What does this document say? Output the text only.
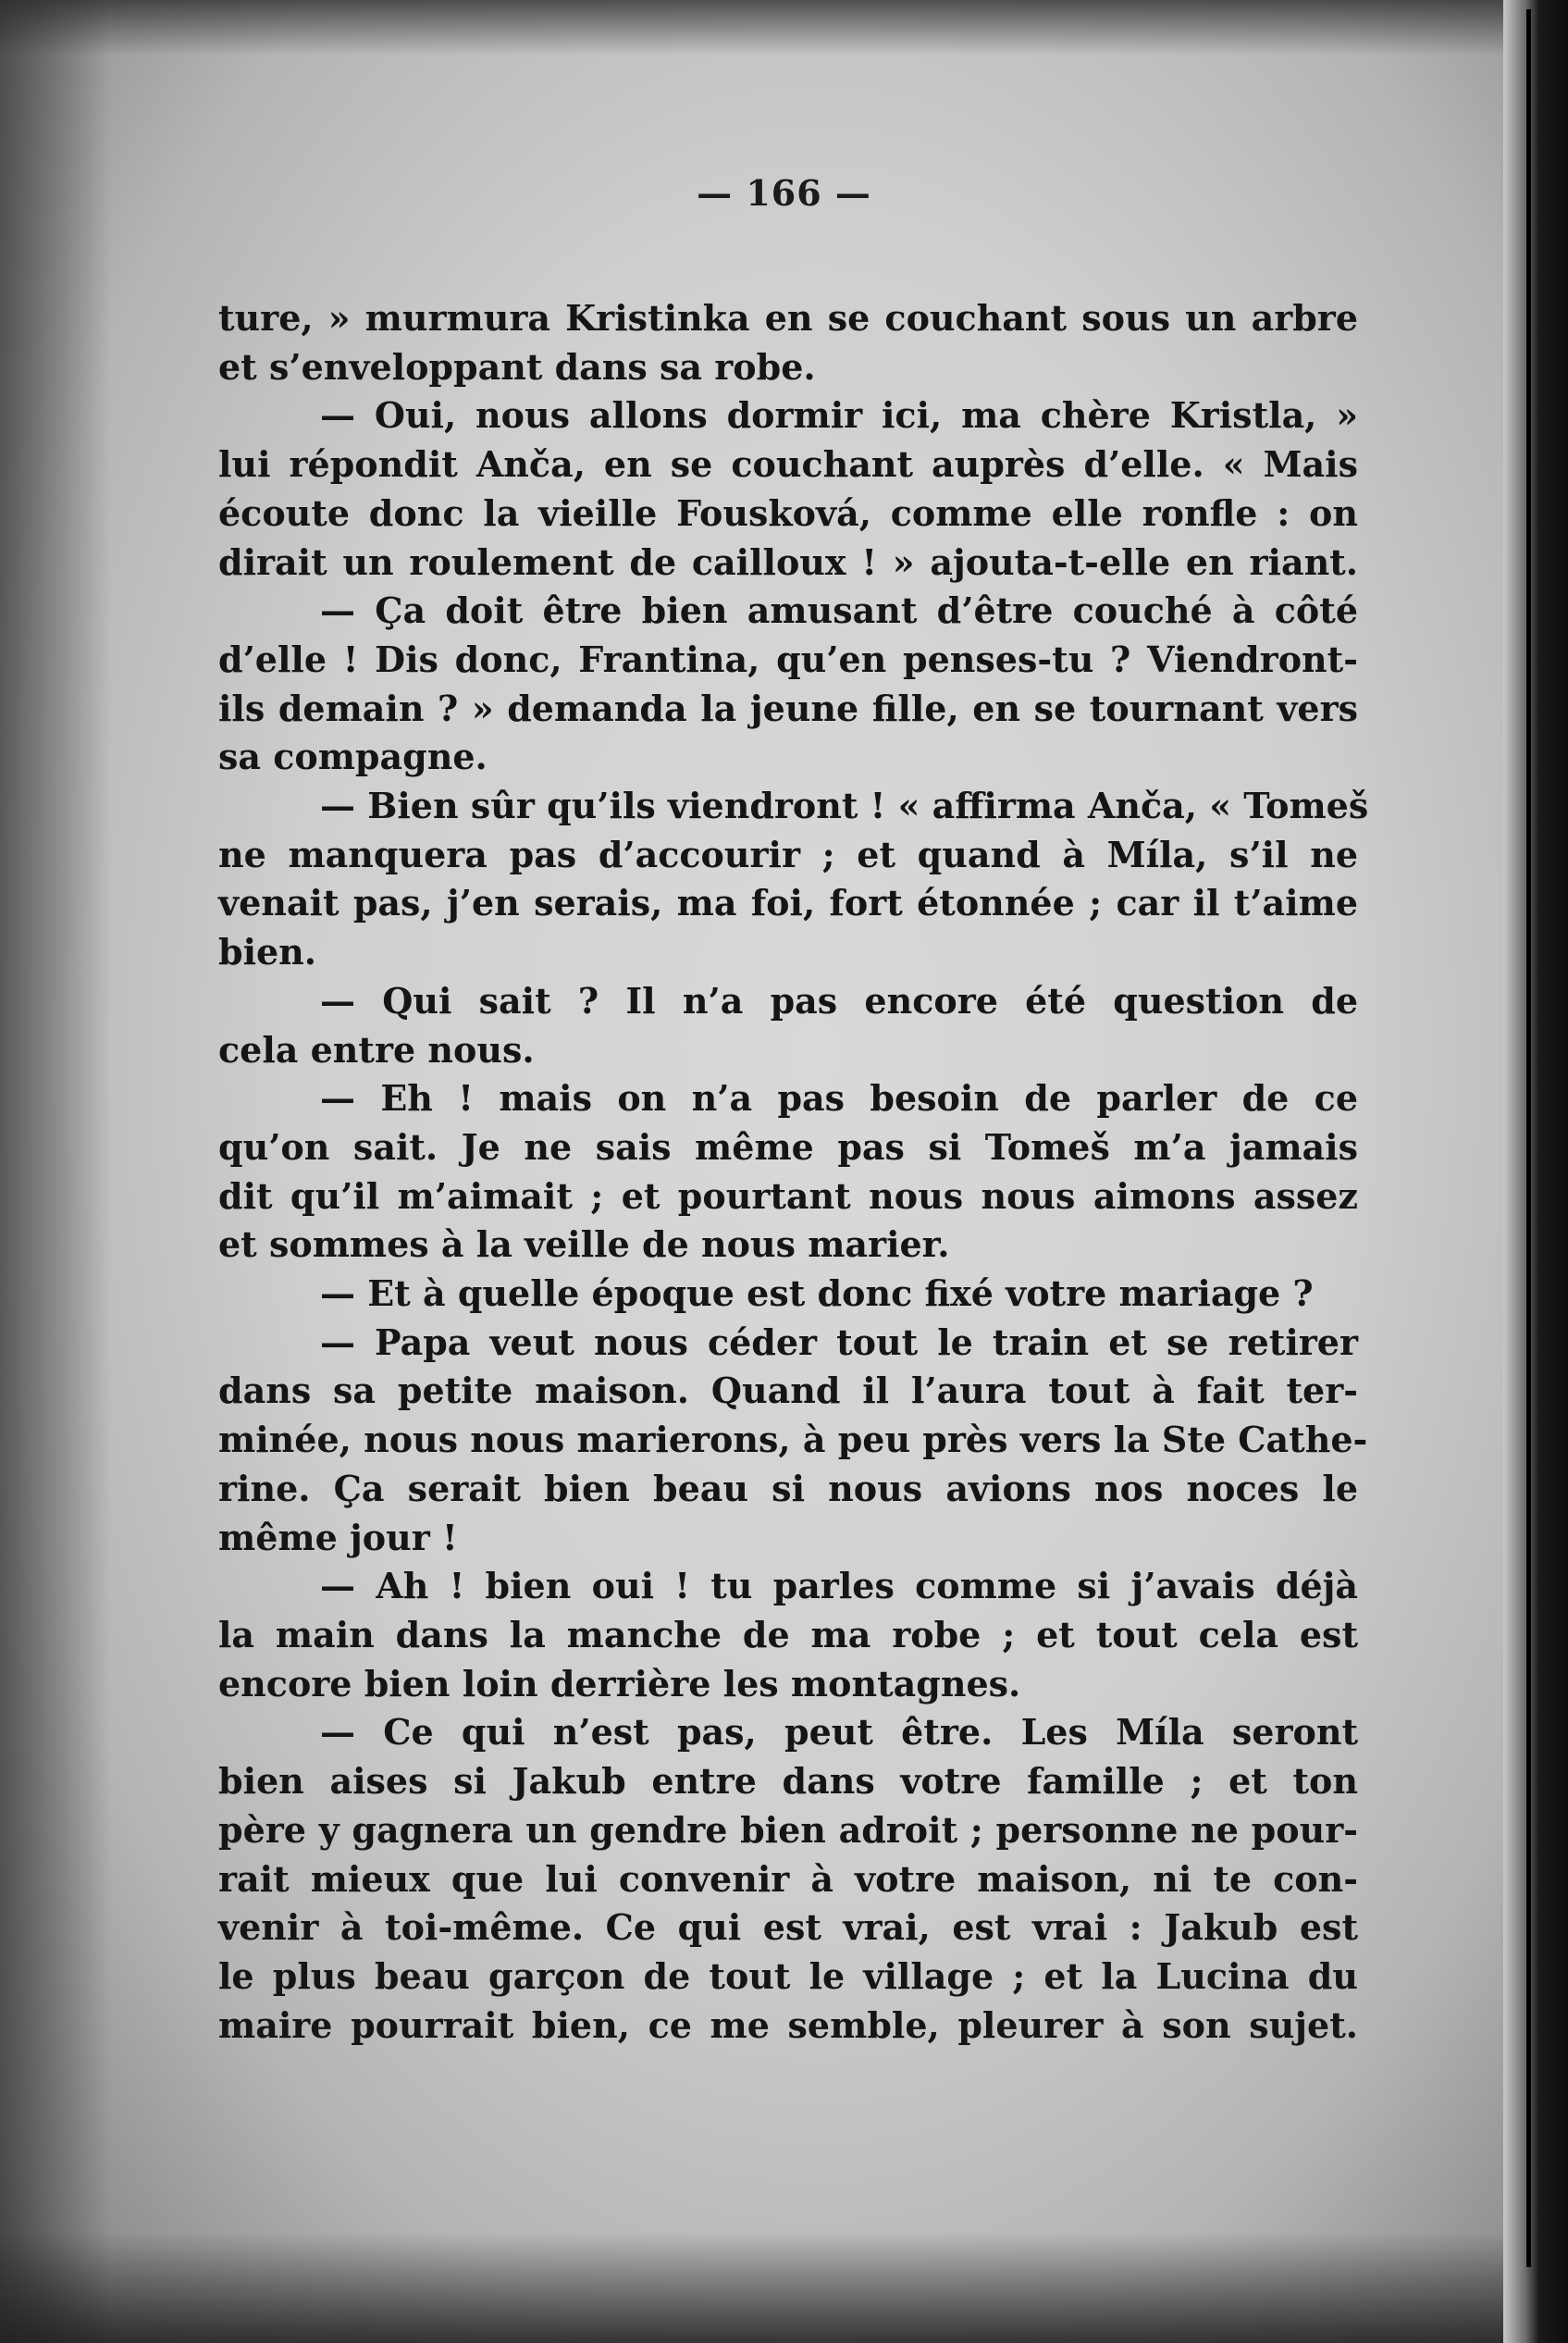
— 166 —
ture, » murmura Kristinka en se couchant sous un arbre
et s’enveloppant dans sa robe.
— Oui, nous allons dormir ici, ma chère Kristla, »
lui répondit Anča, en se couchant auprès d’elle. « Mais
écoute donc la vieille Fousková, comme elle ronfle : on
dirait un roulement de cailloux ! » ajouta-t-elle en riant.
— Ça doit être bien amusant d’être couché à côté
d’elle ! Dis donc, Frantina, qu’en penses-tu ? Viendront-
ils demain ? » demanda la jeune fille, en se tournant vers
sa compagne.
— Bien sûr qu’ils viendront ! « affirma Anča, « Tomeš
ne manquera pas d’accourir ; et quand à Míla, s’il ne
venait pas, j’en serais, ma foi, fort étonnée ; car il t’aime
bien.
— Qui sait ? Il n’a pas encore été question de
cela entre nous.
— Eh ! mais on n’a pas besoin de parler de ce
qu’on sait. Je ne sais même pas si Tomeš m’a jamais
dit qu’il m’aimait ; et pourtant nous nous aimons assez
et sommes à la veille de nous marier.
— Et à quelle époque est donc fixé votre mariage ?
— Papa veut nous céder tout le train et se retirer
dans sa petite maison. Quand il l’aura tout à fait ter-
minée, nous nous marierons, à peu près vers la Ste Cathe-
rine. Ça serait bien beau si nous avions nos noces le
même jour !
— Ah ! bien oui ! tu parles comme si j’avais déjà
la main dans la manche de ma robe ; et tout cela est
encore bien loin derrière les montagnes.
— Ce qui n’est pas, peut être. Les Míla seront
bien aises si Jakub entre dans votre famille ; et ton
père y gagnera un gendre bien adroit ; personne ne pour-
rait mieux que lui convenir à votre maison, ni te con-
venir à toi-même. Ce qui est vrai, est vrai : Jakub est
le plus beau garçon de tout le village ; et la Lucina du
maire pourrait bien, ce me semble, pleurer à son sujet.
